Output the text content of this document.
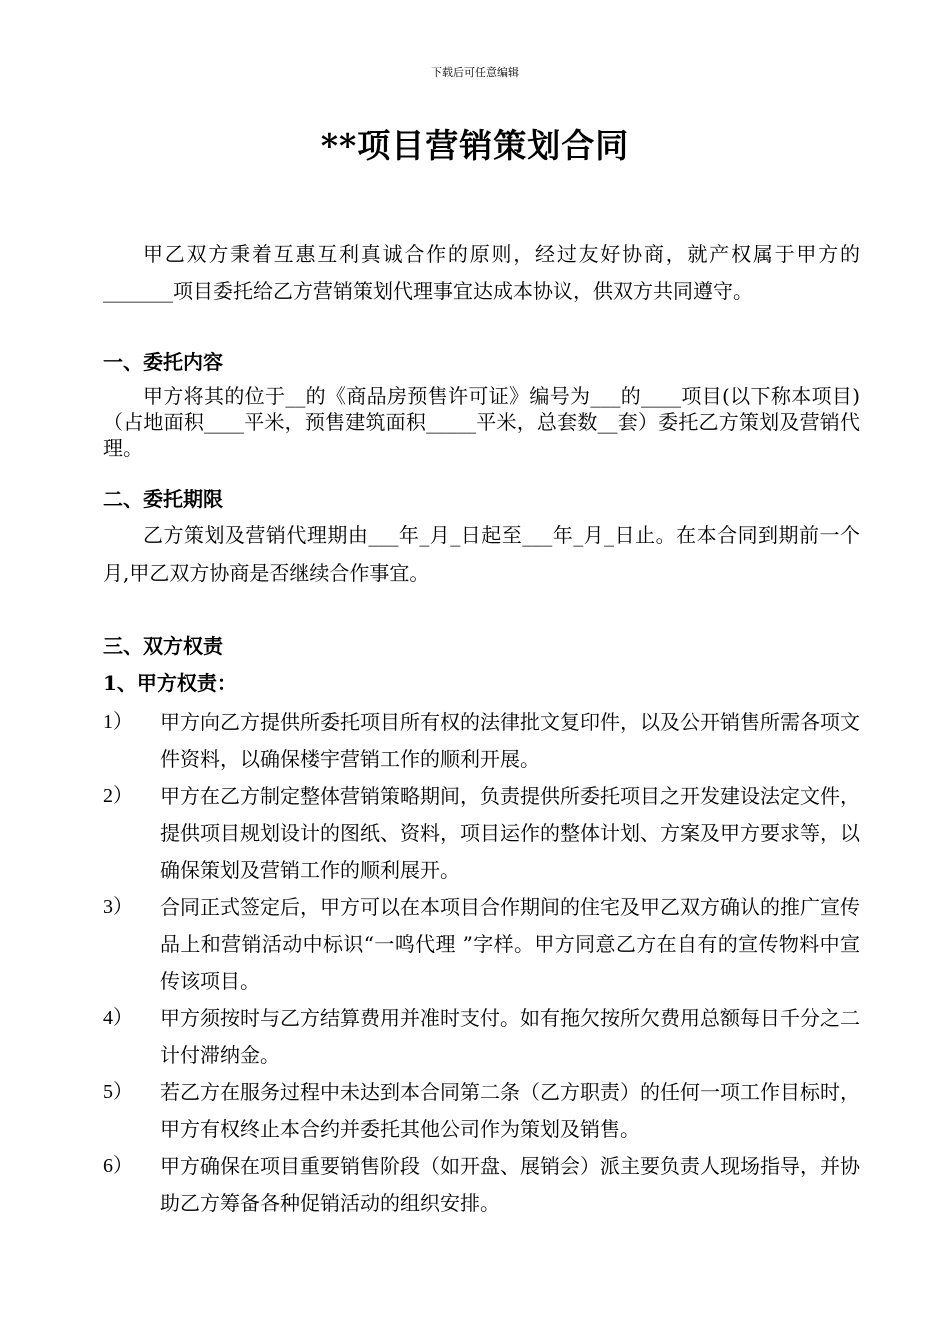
下载后可任意编辑
**项目营销策划合同
甲乙双方秉着互惠互利真诚合作的原则，经过友好协商，就产权属于甲方的_______项目委托给乙方营销策划代理事宜达成本协议，供双方共同遵守。
一、委托内容
甲方将其的位于__的《商品房预售许可证》编号为___的____项目(以下称本项目)（占地面积____平米，预售建筑面积_____平米，总套数__套）委托乙方策划及营销代理。
二、委托期限
乙方策划及营销代理期由___年_月_日起至___年_月_日止。在本合同到期前一个月,甲乙双方协商是否继续合作事宜。
三、双方权责
1、甲方权责：
1） 甲方向乙方提供所委托项目所有权的法律批文复印件，以及公开销售所需各项文件资料，以确保楼宇营销工作的顺利开展。
2） 甲方在乙方制定整体营销策略期间，负责提供所委托项目之开发建设法定文件，提供项目规划设计的图纸、资料，项目运作的整体计划、方案及甲方要求等，以确保策划及营销工作的顺利展开。
3） 合同正式签定后，甲方可以在本项目合作期间的住宅及甲乙双方确认的推广宣传品上和营销活动中标识“一鸣代理 ”字样。甲方同意乙方在自有的宣传物料中宣传该项目。
4） 甲方须按时与乙方结算费用并准时支付。如有拖欠按所欠费用总额每日千分之二计付滞纳金。
5） 若乙方在服务过程中未达到本合同第二条（乙方职责）的任何一项工作目标时，甲方有权终止本合约并委托其他公司作为策划及销售。
6） 甲方确保在项目重要销售阶段（如开盘、展销会）派主要负责人现场指导，并协助乙方筹备各种促销活动的组织安排。
